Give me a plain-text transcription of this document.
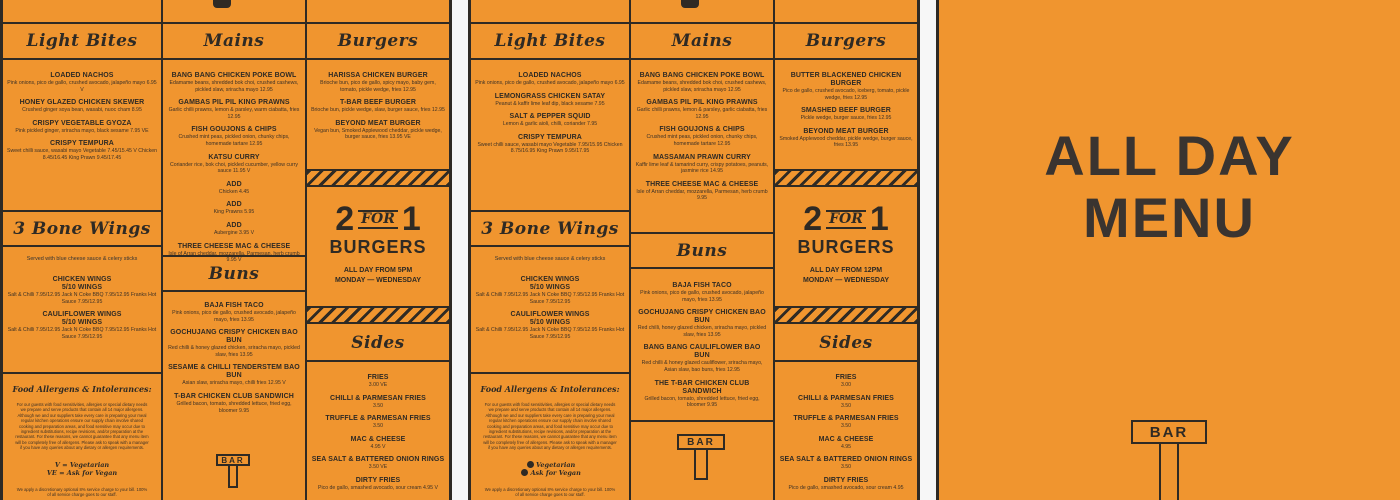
Light Bites
LOADED NACHOS
Pink onions, pico de gallo, crushed avocado, jalapeño mayo 6.95 V
HONEY GLAZED CHICKEN SKEWER
Crushed ginger soya bean, wasabi, nuoc cham 8.95
CRISPY VEGETABLE GYOZA
Pink pickled ginger, sriracha mayo, black sesame 7.95 VE
CRISPY TEMPURA
Sweet chilli sauce, wasabi mayo Vegetable 7.45/15.45 V Chicken 8.45/16.45 King Prawn 9.45/17.45
3 Bone Wings
Served with blue cheese sauce & celery sticks
CHICKEN WINGS
5/10 WINGS
Salt & Chilli 7.95/12.95 Jack N Coke BBQ 7.95/12.95 Franks Hot Sauce 7.95/12.95
CAULIFLOWER WINGS
5/10 WINGS
Salt & Chilli 7.95/12.95 Jack N Coke BBQ 7.95/12.95 Franks Hot Sauce 7.95/12.95
Food Allergens & Intolerances:
For our guests with food sensitivities, allergies or special dietary needs we prepare and serve products that contain all 14 major allergens. Although we and our suppliers take every care in preparing your meal regular kitchen operations ensure our supply chain involve shared cooking and preparation areas, and food sensitive may occur due to ingredient substitutions, recipe revisions, and/or preparation at the restaurant. For these reasons, we cannot guarantee that any menu item will be completely free of allergens. Please ask to speak with a manager if you have any queries about any dietary or allergen requirements.
V = Vegetarian
VE = Ask for Vegan
We apply a discretionary optional 8% service charge to your bill. 100% of all service charge goes to our staff.
Mains
BANG BANG CHICKEN POKE BOWL
Edamame beans, shredded bok choi, crushed cashews, pickled slaw, sriracha mayo 12.95
GAMBAS PIL PIL KING PRAWNS
Garlic chilli prawns, lemon & parsley, warm ciabatta, fries 12.95
FISH GOUJONS & CHIPS
Crushed mint peas, pickled onion, chunky chips, homemade tartare 12.95
KATSU CURRY
Coriander rice, bok choi, pickled cucumber, yellow curry sauce 11.95 V
ADD
Chicken 4.45
ADD
King Prawns 5.95
ADD
Aubergine 3.95 V
THREE CHEESE MAC & CHEESE
Isle of Arran cheddar, mozzarella, Parmesan, herb crumb 9.95 V
Buns
BAJA FISH TACO
Pink onions, pico de gallo, crushed avocado, jalapeño mayo, fries 13.95
GOCHUJANG CRISPY CHICKEN BAO BUN
Red chilli & honey glazed chicken, sriracha mayo, pickled slaw, fries 13.95
SESAME & CHILLI TENDERSTEM BAO BUN
Asian slaw, sriracha mayo, chilli fries 12.95 V
T-BAR CHICKEN CLUB SANDWICH
Grilled bacon, tomato, shredded lettuce, fried egg, bloomer 9.95
BAR
Burgers
HARISSA CHICKEN BURGER
Brioche bun, pico de gallo, spicy mayo, baby gem, tomato, pickle wedge, fries 12.95
T-BAR BEEF BURGER
Brioche bun, pickle wedge, slaw, burger sauce, fries 12.95
BEYOND MEAT BURGER
Vegan bun, Smoked Applewood cheddar, pickle wedge, burger sauce, fries 13.95 VE
2 FOR 1
BURGERS
ALL DAY FROM 5PM
MONDAY — WEDNESDAY
Sides
FRIES
3.00 VE
CHILLI & PARMESAN FRIES
3.50
TRUFFLE & PARMESAN FRIES
3.50
MAC & CHEESE
4.95 V
SEA SALT & BATTERED ONION RINGS
3.50 VE
DIRTY FRIES
Pico de gallo, smashed avocado, sour cream 4.95 V
Light Bites
LOADED NACHOS
Pink onions, pico de gallo, crushed avocado, jalapeño mayo 6.95
LEMONGRASS CHICKEN SATAY
Peanut & kaffir lime leaf dip, black sesame 7.95
SALT & PEPPER SQUID
Lemon & garlic aioli, chilli, coriander 7.95
CRISPY TEMPURA
Sweet chilli sauce, wasabi mayo Vegetable 7.95/15.95 Chicken 8.75/16.95 King Prawn 9.95/17.95
3 Bone Wings
Served with blue cheese sauce & celery sticks
CHICKEN WINGS
5/10 WINGS
Salt & Chilli 7.95/12.95 Jack N Coke BBQ 7.95/12.95 Franks Hot Sauce 7.95/12.95
CAULIFLOWER WINGS
5/10 WINGS
Salt & Chilli 7.95/12.95 Jack N Coke BBQ 7.95/12.95 Franks Hot Sauce 7.95/12.95
Food Allergens & Intolerances:
For our guests with food sensitivities, allergies or special dietary needs we prepare and serve products that contain all 14 major allergens. Although we and our suppliers take every care in preparing your meal regular kitchen operations ensure our supply chain involve shared cooking and preparation areas, and food sensitive may occur due to ingredient substitutions, recipe revisions, and/or preparation at the restaurant. For these reasons, we cannot guarantee that any menu item will be completely free of allergens. Please ask to speak with a manager if you have any queries about any dietary or allergen requirements.
Vegetarian
Ask for Vegan
We apply a discretionary optional 8% service charge to your bill. 100% of all service charge goes to our staff.
Mains
BANG BANG CHICKEN POKE BOWL
Edamame beans, shredded bok choi, crushed cashews, pickled slaw, sriracha mayo 12.95
GAMBAS PIL PIL KING PRAWNS
Garlic chilli prawns, lemon & parsley, garlic ciabatta, fries 12.95
FISH GOUJONS & CHIPS
Crushed mint peas, pickled onion, chunky chips, homemade tartare 12.95
MASSAMAN PRAWN CURRY
Kaffir lime leaf & tamarind curry, crispy potatoes, peanuts, jasmine rice 14.95
THREE CHEESE MAC & CHEESE
Isle of Arran cheddar, mozzarella, Parmesan, herb crumb 9.95
Buns
BAJA FISH TACO
Pink onions, pico de gallo, crushed avocado, jalapeño mayo, fries 13.95
GOCHUJANG CRISPY CHICKEN BAO BUN
Red chilli, honey glazed chicken, sriracha mayo, pickled slaw, fries 13.95
BANG BANG CAULIFLOWER BAO BUN
Red chilli & honey glazed cauliflower, sriracha mayo, Asian slaw, bao buns, fries 12.95
THE T-BAR CHICKEN CLUB SANDWICH
Grilled bacon, tomato, shredded lettuce, fried egg, bloomer 9.95
BAR
Burgers
BUTTER BLACKENED CHICKEN BURGER
Pico de gallo, crushed avocado, iceberg, tomato, pickle wedge, fries 12.95
SMASHED BEEF BURGER
Pickle wedge, burger sauce, fries 12.95
BEYOND MEAT BURGER
Smoked Applewood cheddar, pickle wedge, burger sauce, fries 13.95
2 FOR 1
BURGERS
ALL DAY FROM 12PM
MONDAY — WEDNESDAY
Sides
FRIES
3.00
CHILLI & PARMESAN FRIES
3.50
TRUFFLE & PARMESAN FRIES
3.50
MAC & CHEESE
4.95
SEA SALT & BATTERED ONION RINGS
3.50
DIRTY FRIES
Pico de gallo, smashed avocado, sour cream 4.95
ALL DAY
MENU
BAR
